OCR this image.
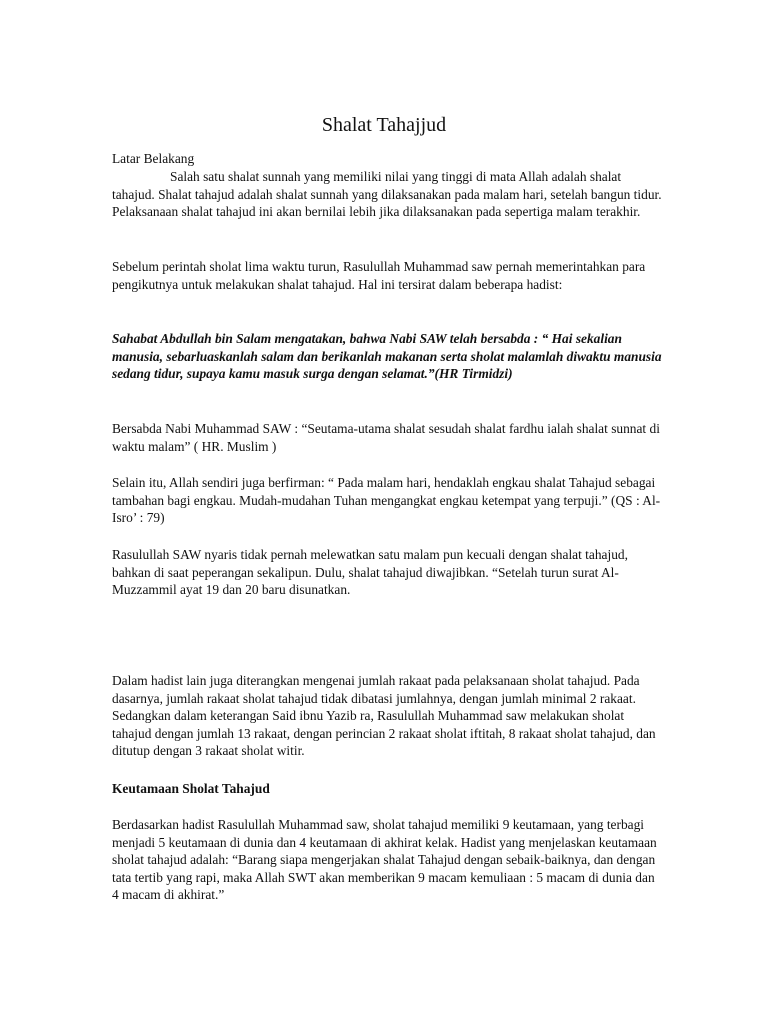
Shalat Tahajjud

Latar Belakang

Salah satu shalat sunnah yang memiliki nilai yang tinggi di mata Allah adalah shalat tahajud. Shalat tahajud adalah shalat sunnah yang dilaksanakan pada malam hari, setelah bangun tidur. Pelaksanaan shalat tahajud ini akan bernilai lebih jika dilaksanakan pada sepertiga malam terakhir.

Sebelum perintah sholat lima waktu turun, Rasulullah Muhammad saw pernah memerintahkan para pengikutnya untuk melakukan shalat tahajud. Hal ini tersirat dalam beberapa hadist:

Sahabat Abdullah bin Salam mengatakan, bahwa Nabi SAW telah bersabda : “ Hai sekalian manusia, sebarluaskanlah salam dan berikanlah makanan serta sholat malamlah diwaktu manusia sedang tidur, supaya kamu masuk surga dengan selamat.”(HR Tirmidzi)

Bersabda Nabi Muhammad SAW : “Seutama-utama shalat sesudah shalat fardhu ialah shalat sunnat di waktu malam” ( HR. Muslim )

Selain itu, Allah sendiri juga berfirman: “ Pada malam hari, hendaklah engkau shalat Tahajud sebagai tambahan bagi engkau. Mudah-mudahan Tuhan mengangkat engkau ketempat yang terpuji.” (QS : Al-Isro’ : 79)

Rasulullah SAW nyaris tidak pernah melewatkan satu malam pun kecuali dengan shalat tahajud, bahkan di saat peperangan sekalipun. Dulu, shalat tahajud diwajibkan. “Setelah turun surat Al-Muzzammil ayat 19 dan 20 baru disunatkan.

Dalam hadist lain juga diterangkan mengenai jumlah rakaat pada pelaksanaan sholat tahajud. Pada dasarnya, jumlah rakaat sholat tahajud tidak dibatasi jumlahnya, dengan jumlah minimal 2 rakaat. Sedangkan dalam keterangan Said ibnu Yazib ra, Rasulullah Muhammad saw melakukan sholat tahajud dengan jumlah 13 rakaat, dengan perincian 2 rakaat sholat iftitah, 8 rakaat sholat tahajud, dan ditutup dengan 3 rakaat sholat witir.

Keutamaan Sholat Tahajud

Berdasarkan hadist Rasulullah Muhammad saw, sholat tahajud memiliki 9 keutamaan, yang terbagi menjadi 5 keutamaan di dunia dan 4 keutamaan di akhirat kelak. Hadist yang menjelaskan keutamaan sholat tahajud adalah: “Barang siapa mengerjakan shalat Tahajud dengan sebaik-baiknya, dan dengan tata tertib yang rapi, maka Allah SWT akan memberikan 9 macam kemuliaan : 5 macam di dunia dan 4 macam di akhirat.”
